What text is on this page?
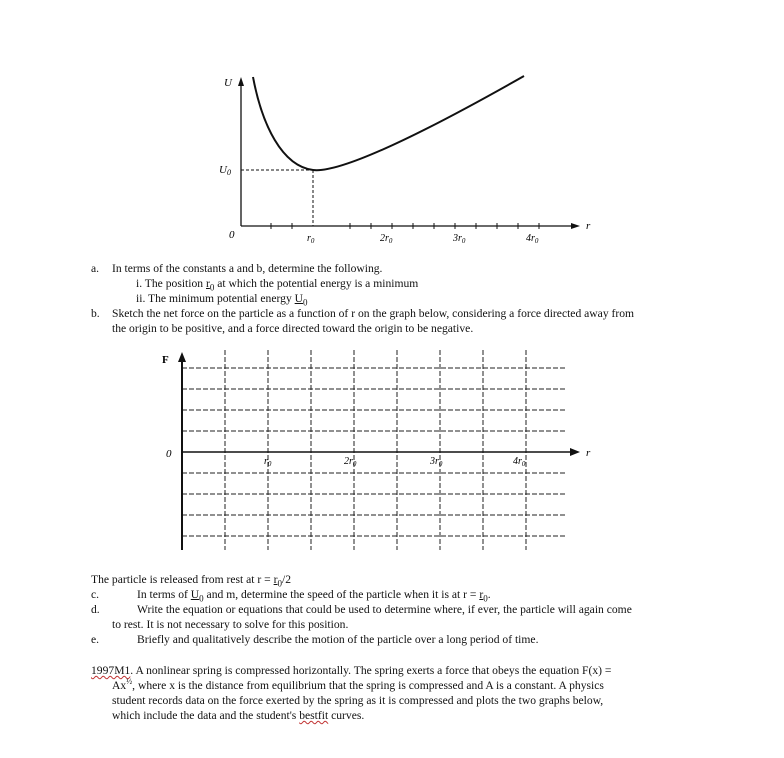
U
r
0
U0
$r_0$	$2r_0$	$3r_0$	$4r_0$
a. In terms of the constants a and b, determine the following.
i. The position $r_0$ at which the potential energy is a minimum
ii. The minimum potential energy $U_0$
b. Sketch the net force on the particle as a function of r on the graph below, considering a force directed away from
the origin to be positive, and a force directed toward the origin to be negative.
F
r
0
$r_0$	$2r_0$	$3r_0$	$4r_0$
The particle is released from rest at $r = r_0/2$
c.	In terms of $U_0$ and m, determine the speed of the particle when it is at $r = r_0$.
d.	Write the equation or equations that could be used to determine where, if ever, the particle will again come
to rest. It is not necessary to solve for this position.
e.	Briefly and qualitatively describe the motion of the particle over a long period of time.
1997M1. A nonlinear spring is compressed horizontally. The spring exerts a force that obeys the equation F(x) =
$Ax^{\frac{1}{2}}$, where x is the distance from equilibrium that the spring is compressed and A is a constant. A physics
student records data on the force exerted by the spring as it is compressed and plots the two graphs below,
which include the data and the student's bestfit curves.
